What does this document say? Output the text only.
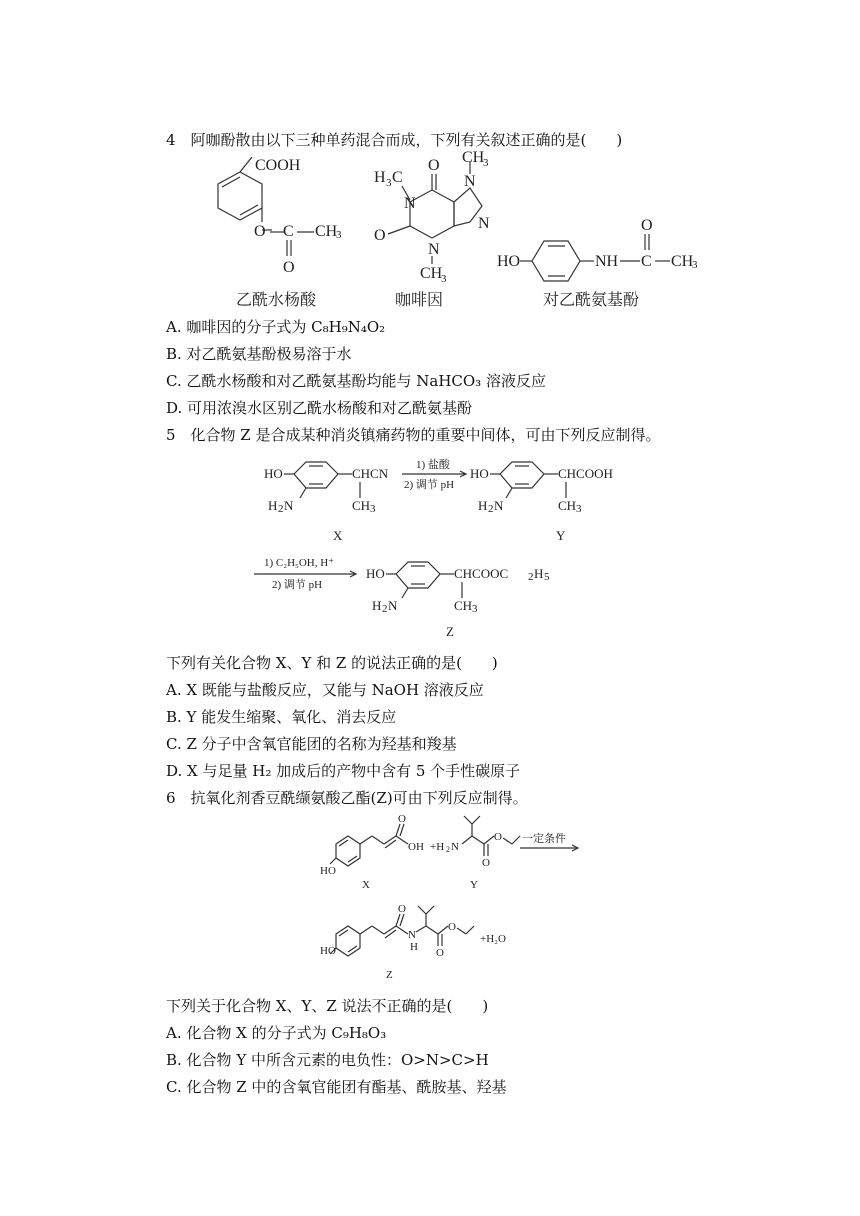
4　阿咖酚散由以下三种单药混合而成，下列有关叙述正确的是(　　)
COOH
O C CH
3
O
O
H 3 C
N
O
N
CH
3
N
CH
3
N
HO	NH C CH
3
O
乙酰水杨酸	咖啡因	对乙酰氨基酚
A. 咖啡因的分子式为 C₈H₉N₄O₂
B. 对乙酰氨基酚极易溶于水
C. 乙酰水杨酸和对乙酰氨基酚均能与 NaHCO₃ 溶液反应
D. 可用浓溴水区别乙酰水杨酸和对乙酰氨基酚
5　化合物 Z 是合成某种消炎镇痛药物的重要中间体，可由下列反应制得。
HO	CHCN
CH 3
H 2 N
X
1) 盐酸
2) 调节 pH
HO	CHCOOH
CH 3
H 2 N
Y
1) C₂H₅OH, H⁺
2) 调节 pH
HO	CHCOOC 2 H 5
CH 3
H 2 N
Z
下列有关化合物 X、Y 和 Z 的说法正确的是(　　)
A. X 既能与盐酸反应，又能与 NaOH 溶液反应
B. Y 能发生缩聚、氧化、消去反应
C. Z 分子中含氧官能团的名称为羟基和羧基
D. X 与足量 H₂ 加成后的产物中含有 5 个手性碳原子
6　抗氧化剂香豆酰缬氨酸乙酯(Z)可由下列反应制得。
HO
O
OH
X
+H 2 N
O
O
Y
一定条件
HO
O
N
H O
O
+H₂O
Z
下列关于化合物 X、Y、Z 说法不正确的是(　　)
A. 化合物 X 的分子式为 C₉H₈O₃
B. 化合物 Y 中所含元素的电负性：O>N>C>H
C. 化合物 Z 中的含氧官能团有酯基、酰胺基、羟基
